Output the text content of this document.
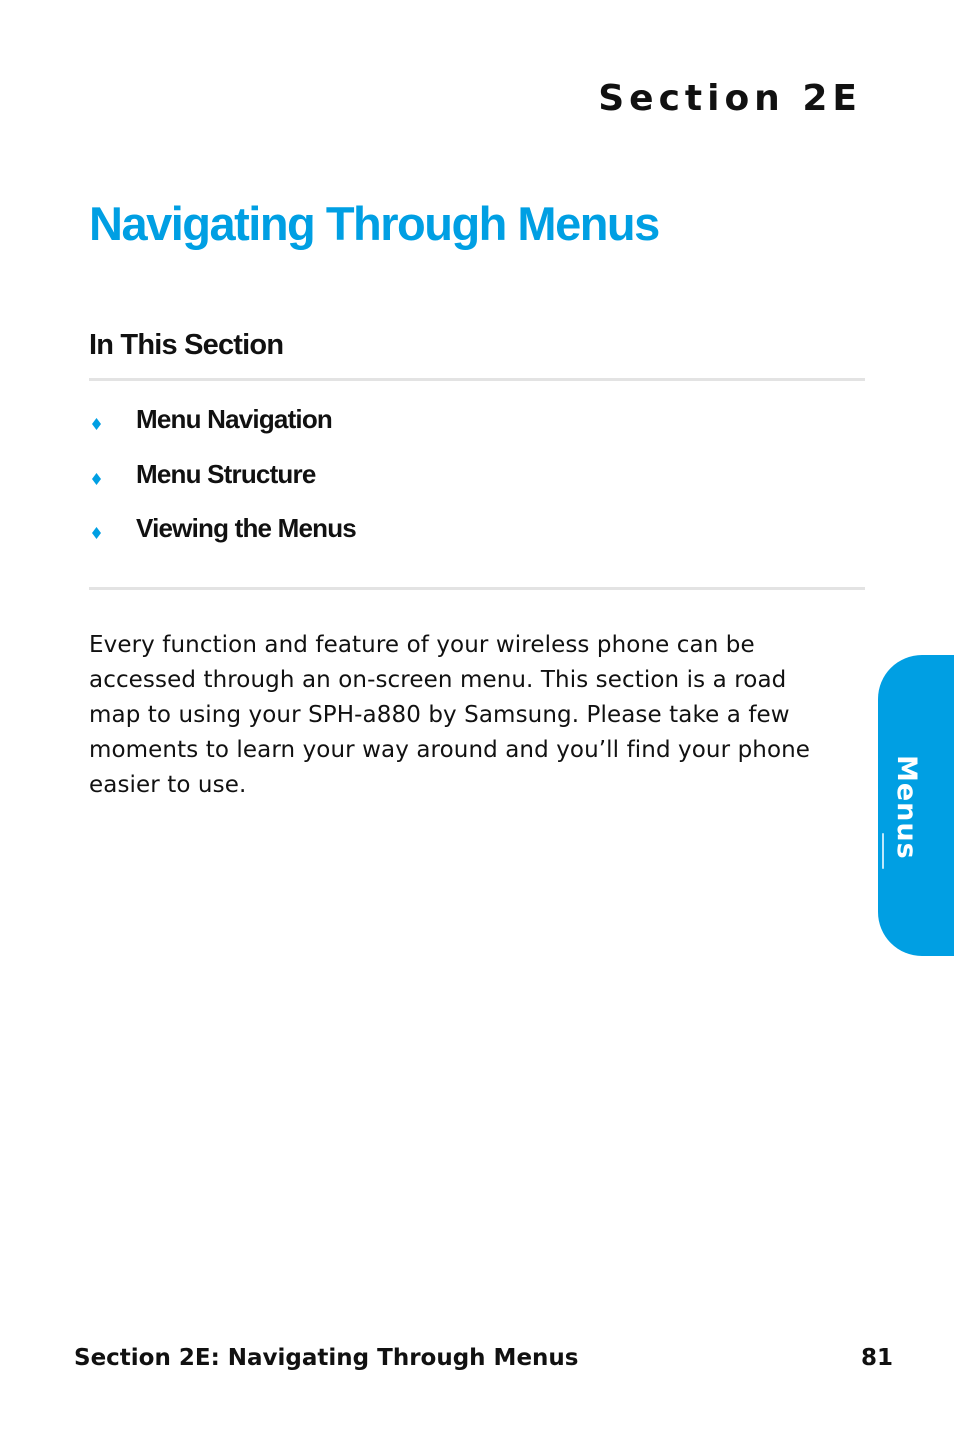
Section 2E
Navigating Through Menus
In This Section
Menu Navigation
Menu Structure
Viewing the Menus

Every function and feature of your wireless phone can be accessed through an on-screen menu. This section is a road map to using your SPH-a880 by Samsung. Please take a few moments to learn your way around and you’ll find your phone easier to use.	Menus
Section 2E: Navigating Through Menus	81
